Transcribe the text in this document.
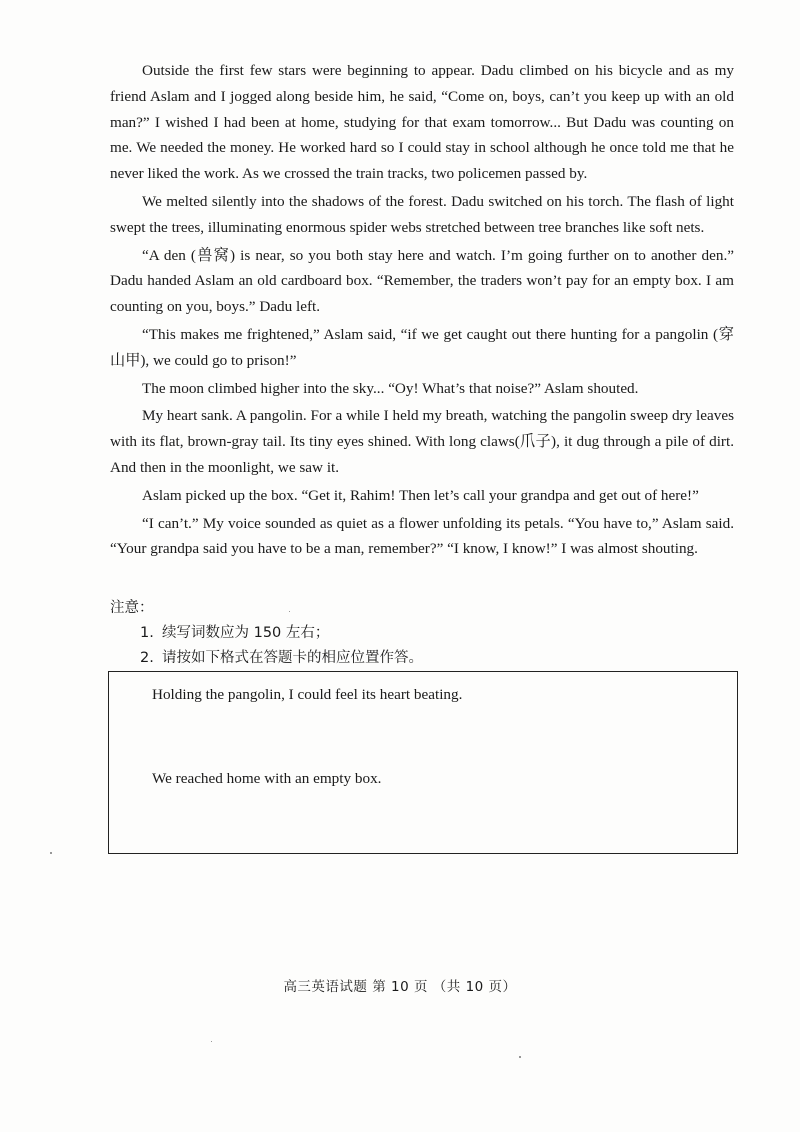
Outside the first few stars were beginning to appear. Dadu climbed on his bicycle and as my friend Aslam and I jogged along beside him, he said, “Come on, boys, can’t you keep up with an old man?” I wished I had been at home, studying for that exam tomorrow... But Dadu was counting on me. We needed the money. He worked hard so I could stay in school although he once told me that he never liked the work. As we crossed the train tracks, two policemen passed by.

We melted silently into the shadows of the forest. Dadu switched on his torch. The flash of light swept the trees, illuminating enormous spider webs stretched between tree branches like soft nets.

“A den (兽窝) is near, so you both stay here and watch. I’m going further on to another den.” Dadu handed Aslam an old cardboard box. “Remember, the traders won’t pay for an empty box. I am counting on you, boys.” Dadu left.

“This makes me frightened,” Aslam said, “if we get caught out there hunting for a pangolin (穿山甲), we could go to prison!”

The moon climbed higher into the sky... “Oy! What’s that noise?” Aslam shouted.

My heart sank. A pangolin. For a while I held my breath, watching the pangolin sweep dry leaves with its flat, brown-gray tail. Its tiny eyes shined. With long claws(爪子), it dug through a pile of dirt. And then in the moonlight, we saw it.

Aslam picked up the box. “Get it, Rahim! Then let’s call your grandpa and get out of here!”

“I can’t.” My voice sounded as quiet as a flower unfolding its petals. “You have to,” Aslam said. “Your grandpa said you have to be a man, remember?” “I know, I know!” I was almost shouting.

注意：

1. 续写词数应为 150 左右；
2. 请按如下格式在答题卡的相应位置作答。
Holding the pangolin, I could feel its heart beating.
We reached home with an empty box.
高三英语试题 第 10 页 （共 10 页）
